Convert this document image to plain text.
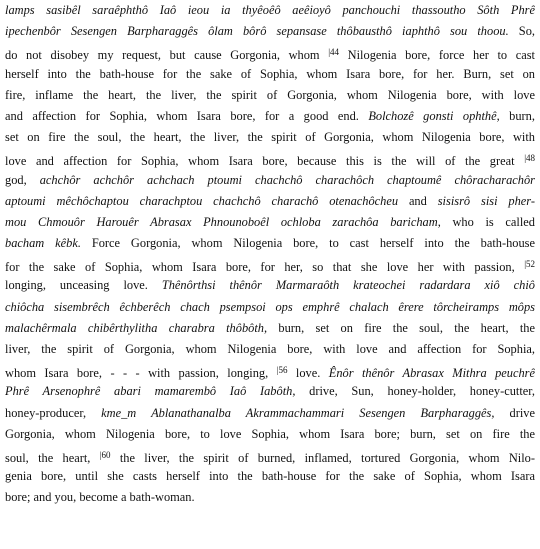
lamps sasibêl saraêphthô Iaô ieou ia thyêoêô aeêioyô panchouchi thassoutho Sôth Phrê
ipechenbôr Sesengen Barpharaggês ôlam bôrô sepansase thôbausthô iaphthô sou thoou. So,
do not disobey my request, but cause Gorgonia, whom $^{|44}$ Nilogenia bore, force her to cast
herself into the bath-house for the sake of Sophia, whom Isara bore, for her. Burn, set on
fire, inflame the heart, the liver, the spirit of Gorgonia, whom Nilogenia bore, with love
and affection for Sophia, whom Isara bore, for a good end. Bolchozê gonsti ophthê, burn,
set on fire the soul, the heart, the liver, the spirit of Gorgonia, whom Nilogenia bore, with
love and affection for Sophia, whom Isara bore, because this is the will of the great $^{|48}$
god, achchôr achchôr achchach ptoumi chachchô charachôch chaptoumê chôracharachôr
aptoumi mêchôchaptou charachptou chachchô charachô otenachôcheu and sisisrô sisi pher-
mou Chmouôr Harouêr Abrasax Phnounoboêl ochloba zarachôa baricham, who is called
bacham kêbk. Force Gorgonia, whom Nilogenia bore, to cast herself into the bath-house
for the sake of Sophia, whom Isara bore, for her, so that she love her with passion, $^{|52}$
longing, unceasing love. Thênôrthsi thênôr Marmaraôth krateochei radardara xiô chiô
chiôcha sisembrêch êchberêch chach psempsoi ops emphrê chalach êrere tôrcheiramps môps
malachêrmala chibêrthylitha charabra thôbôth, burn, set on fire the soul, the heart, the
liver, the spirit of Gorgonia, whom Nilogenia bore, with love and affection for Sophia,
whom Isara bore, - - - with passion, longing, $^{|56}$ love. Ênôr thênôr Abrasax Mithra peuchrê
Phrê Arsenophrê abari mamarembô Iaô Iabôth, drive, Sun, honey-holder, honey-cutter,
honey-producer, kme_m Ablanathanalba Akrammachammari Sesengen Barpharaggês, drive
Gorgonia, whom Nilogenia bore, to love Sophia, whom Isara bore; burn, set on fire the
soul, the heart, $^{|60}$ the liver, the spirit of burned, inflamed, tortured Gorgonia, whom Nilo-
genia bore, until she casts herself into the bath-house for the sake of Sophia, whom Isara
bore; and you, become a bath-woman.
